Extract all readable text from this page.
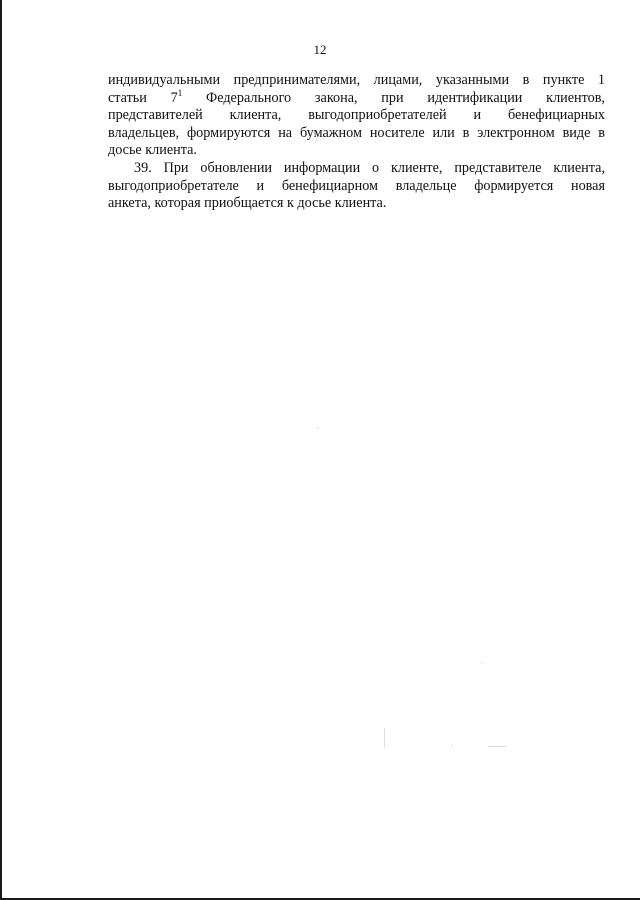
12
индивидуальными предпринимателями, лицами, указанными в пункте 1
статьи $7^1$ Федерального закона, при идентификации клиентов,
представителей клиента, выгодоприобретателей и бенефициарных
владельцев, формируются на бумажном носителе или в электронном виде в
досье клиента.
39. При обновлении информации о клиенте, представителе клиента,
выгодоприобретателе и бенефициарном владельце формируется новая
анкета, которая приобщается к досье клиента.
